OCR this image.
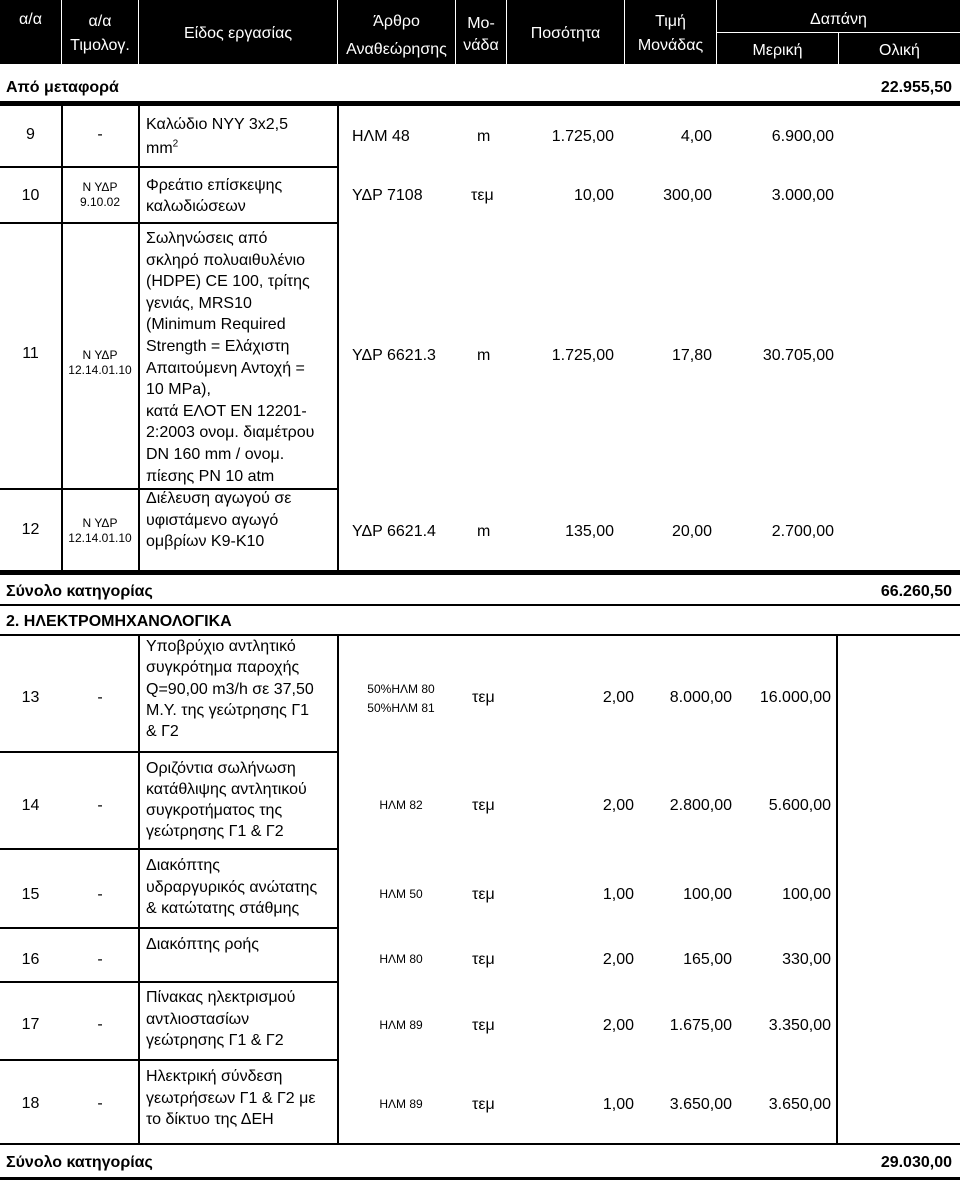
α/α	α/α
Τιμολογ.
Είδος εργασίας
Άρθρο
Αναθεώρησης
Μο-
νάδα
Ποσότητα
Τιμή
Μονάδας
Δαπάνη
Μερική	Ολική
Από μεταφορά	22.955,50
9	-
Καλώδιο ΝΥΥ 3x2,5
$mm^2$	ΗΛΜ 48	m	1.725,00	4,00	6.900,00
10	Ν ΥΔΡ
9.10.02
Φρεάτιο επίσκεψης
καλωδιώσεων
ΥΔΡ 7108	τεμ	10,00	300,00	3.000,00
11	Ν ΥΔΡ
12.14.01.10
Σωληνώσεις από
σκληρό πολυαιθυλένιο
(HDPE) CE 100, τρίτης
γενιάς, MRS10
(Minimum Required
Strength = Ελάχιστη
Απαιτούμενη Αντοχή =
10 MPa),
κατά ΕΛΟΤ ΕΝ 12201-
2:2003 ονομ. διαμέτρου
DN 160 mm / ονομ.
πίεσης PN 10 atm
ΥΔΡ 6621.3	m	1.725,00	17,80	30.705,00
12	Ν ΥΔΡ
12.14.01.10
Διέλευση αγωγού σε
υφιστάμενο αγωγό
ομβρίων Κ9-Κ10
ΥΔΡ 6621.4	m	135,00	20,00	2.700,00
Σύνολο κατηγορίας	66.260,50
2. ΗΛΕΚΤΡΟΜΗΧΑΝΟΛΟΓΙΚΑ
13	-
Υποβρύχιο αντλητικό
συγκρότημα παροχής
Q=90,00 m3/h σε 37,50
Μ.Υ. της γεώτρησης Γ1
& Γ2
50%ΗΛΜ 80
50%ΗΛΜ 81
τεμ	2,00	8.000,00	16.000,00
14	-
Οριζόντια σωλήνωση
κατάθλιψης αντλητικού
συγκροτήματος της
γεώτρησης Γ1 & Γ2
ΗΛΜ 82	τεμ	2,00	2.800,00	5.600,00
15	-
Διακόπτης
υδραργυρικός ανώτατης
& κατώτατης στάθμης
ΗΛΜ 50	τεμ	1,00	100,00	100,00
16	-
Διακόπτης ροής
ΗΛΜ 80	τεμ	2,00	165,00	330,00
17	-
Πίνακας ηλεκτρισμού
αντλιοστασίων
γεώτρησης Γ1 & Γ2
ΗΛΜ 89	τεμ	2,00	1.675,00	3.350,00
18	-
Ηλεκτρική σύνδεση
γεωτρήσεων Γ1 & Γ2 με
το δίκτυο της ΔΕΗ
ΗΛΜ 89	τεμ	1,00	3.650,00	3.650,00
Σύνολο κατηγορίας	29.030,00
